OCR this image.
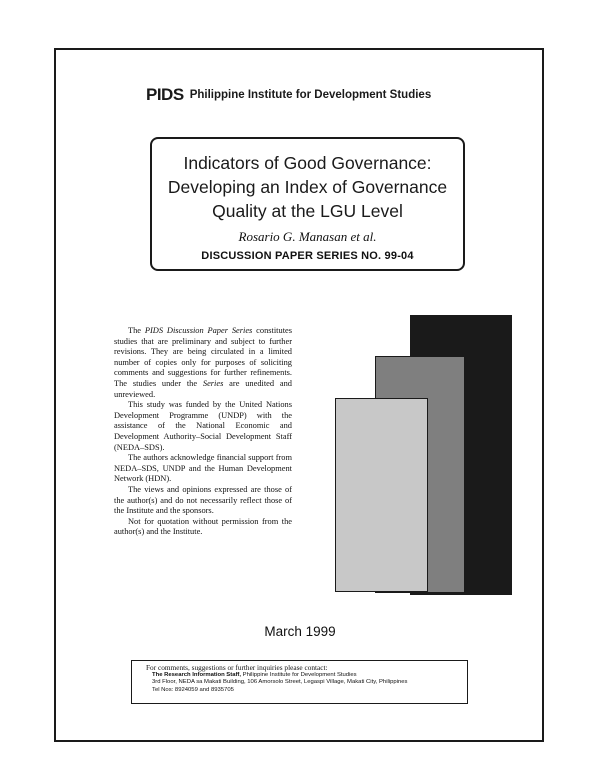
PIDS Philippine Institute for Development Studies
Indicators of Good Governance:
Developing an Index of Governance
Quality at the LGU Level
Rosario G. Manasan et al.
DISCUSSION PAPER SERIES NO. 99-04

The PIDS Discussion Paper Series constitutes studies that are preliminary and subject to further revisions. They are being circulated in a limited number of copies only for purposes of soliciting comments and suggestions for further refinements. The studies under the Series are unedited and unreviewed.

This study was funded by the United Nations Development Programme (UNDP) with the assistance of the National Economic and Development Authority–Social Development Staff (NEDA–SDS).

The authors acknowledge financial support from NEDA–SDS, UNDP and the Human Development Network (HDN).

The views and opinions expressed are those of the author(s) and do not necessarily reflect those of the Institute and the sponsors.

Not for quotation without permission from the author(s) and the Institute.

March 1999
For comments, suggestions or further inquiries please contact:
The Research Information Staff, Philippine Institute for Development Studies
3rd Floor, NEDA sa Makati Building, 106 Amorsolo Street, Legaspi Village, Makati City, Philippines
Tel Nos: 8924059 and 8935705
